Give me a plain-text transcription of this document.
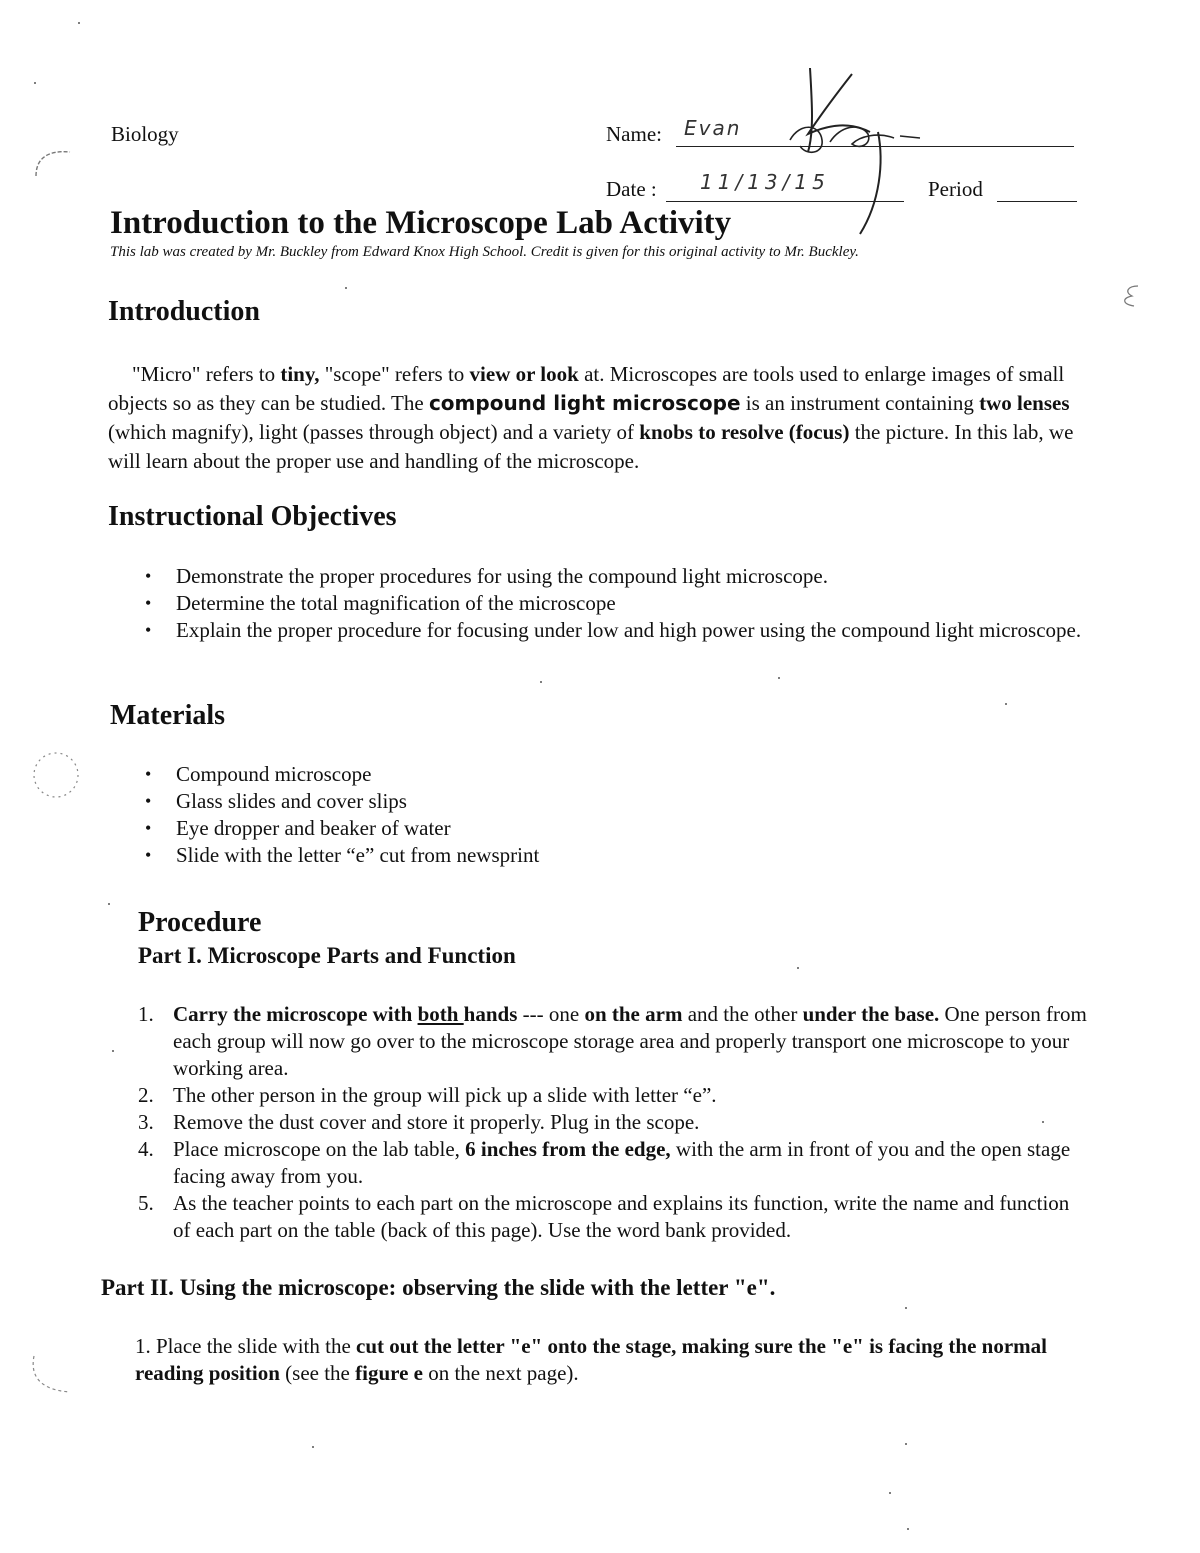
Biology	Name: Evan
Date : 11/13/15	Period
Introduction to the Microscope Lab Activity
This lab was created by Mr. Buckley from Edward Knox High School. Credit is given for this original activity to Mr. Buckley.
Introduction

"Micro" refers to tiny, "scope" refers to view or look at. Microscopes are tools used to enlarge images of small objects so as they can be studied. The compound light microscope is an instrument containing two lenses (which magnify), light (passes through object) and a variety of knobs to resolve (focus) the picture. In this lab, we will learn about the proper use and handling of the microscope.

Instructional Objectives
• Demonstrate the proper procedures for using the compound light microscope.
• Determine the total magnification of the microscope
• Explain the proper procedure for focusing under low and high power using the compound light microscope.
Materials
• Compound microscope
• Glass slides and cover slips
• Eye dropper and beaker of water
• Slide with the letter “e” cut from newsprint
Procedure
Part I. Microscope Parts and Function
1. Carry the microscope with both hands --- one on the arm and the other under the base. One person from each group will now go over to the microscope storage area and properly transport one microscope to your working area.
2. The other person in the group will pick up a slide with letter “e”.
3. Remove the dust cover and store it properly. Plug in the scope.
4. Place microscope on the lab table, 6 inches from the edge, with the arm in front of you and the open stage facing away from you.
5. As the teacher points to each part on the microscope and explains its function, write the name and function of each part on the table (back of this page). Use the word bank provided.
Part II. Using the microscope: observing the slide with the letter "e".

1. Place the slide with the cut out the letter "e" onto the stage, making sure the "e" is facing the normal reading position (see the figure e on the next page).
